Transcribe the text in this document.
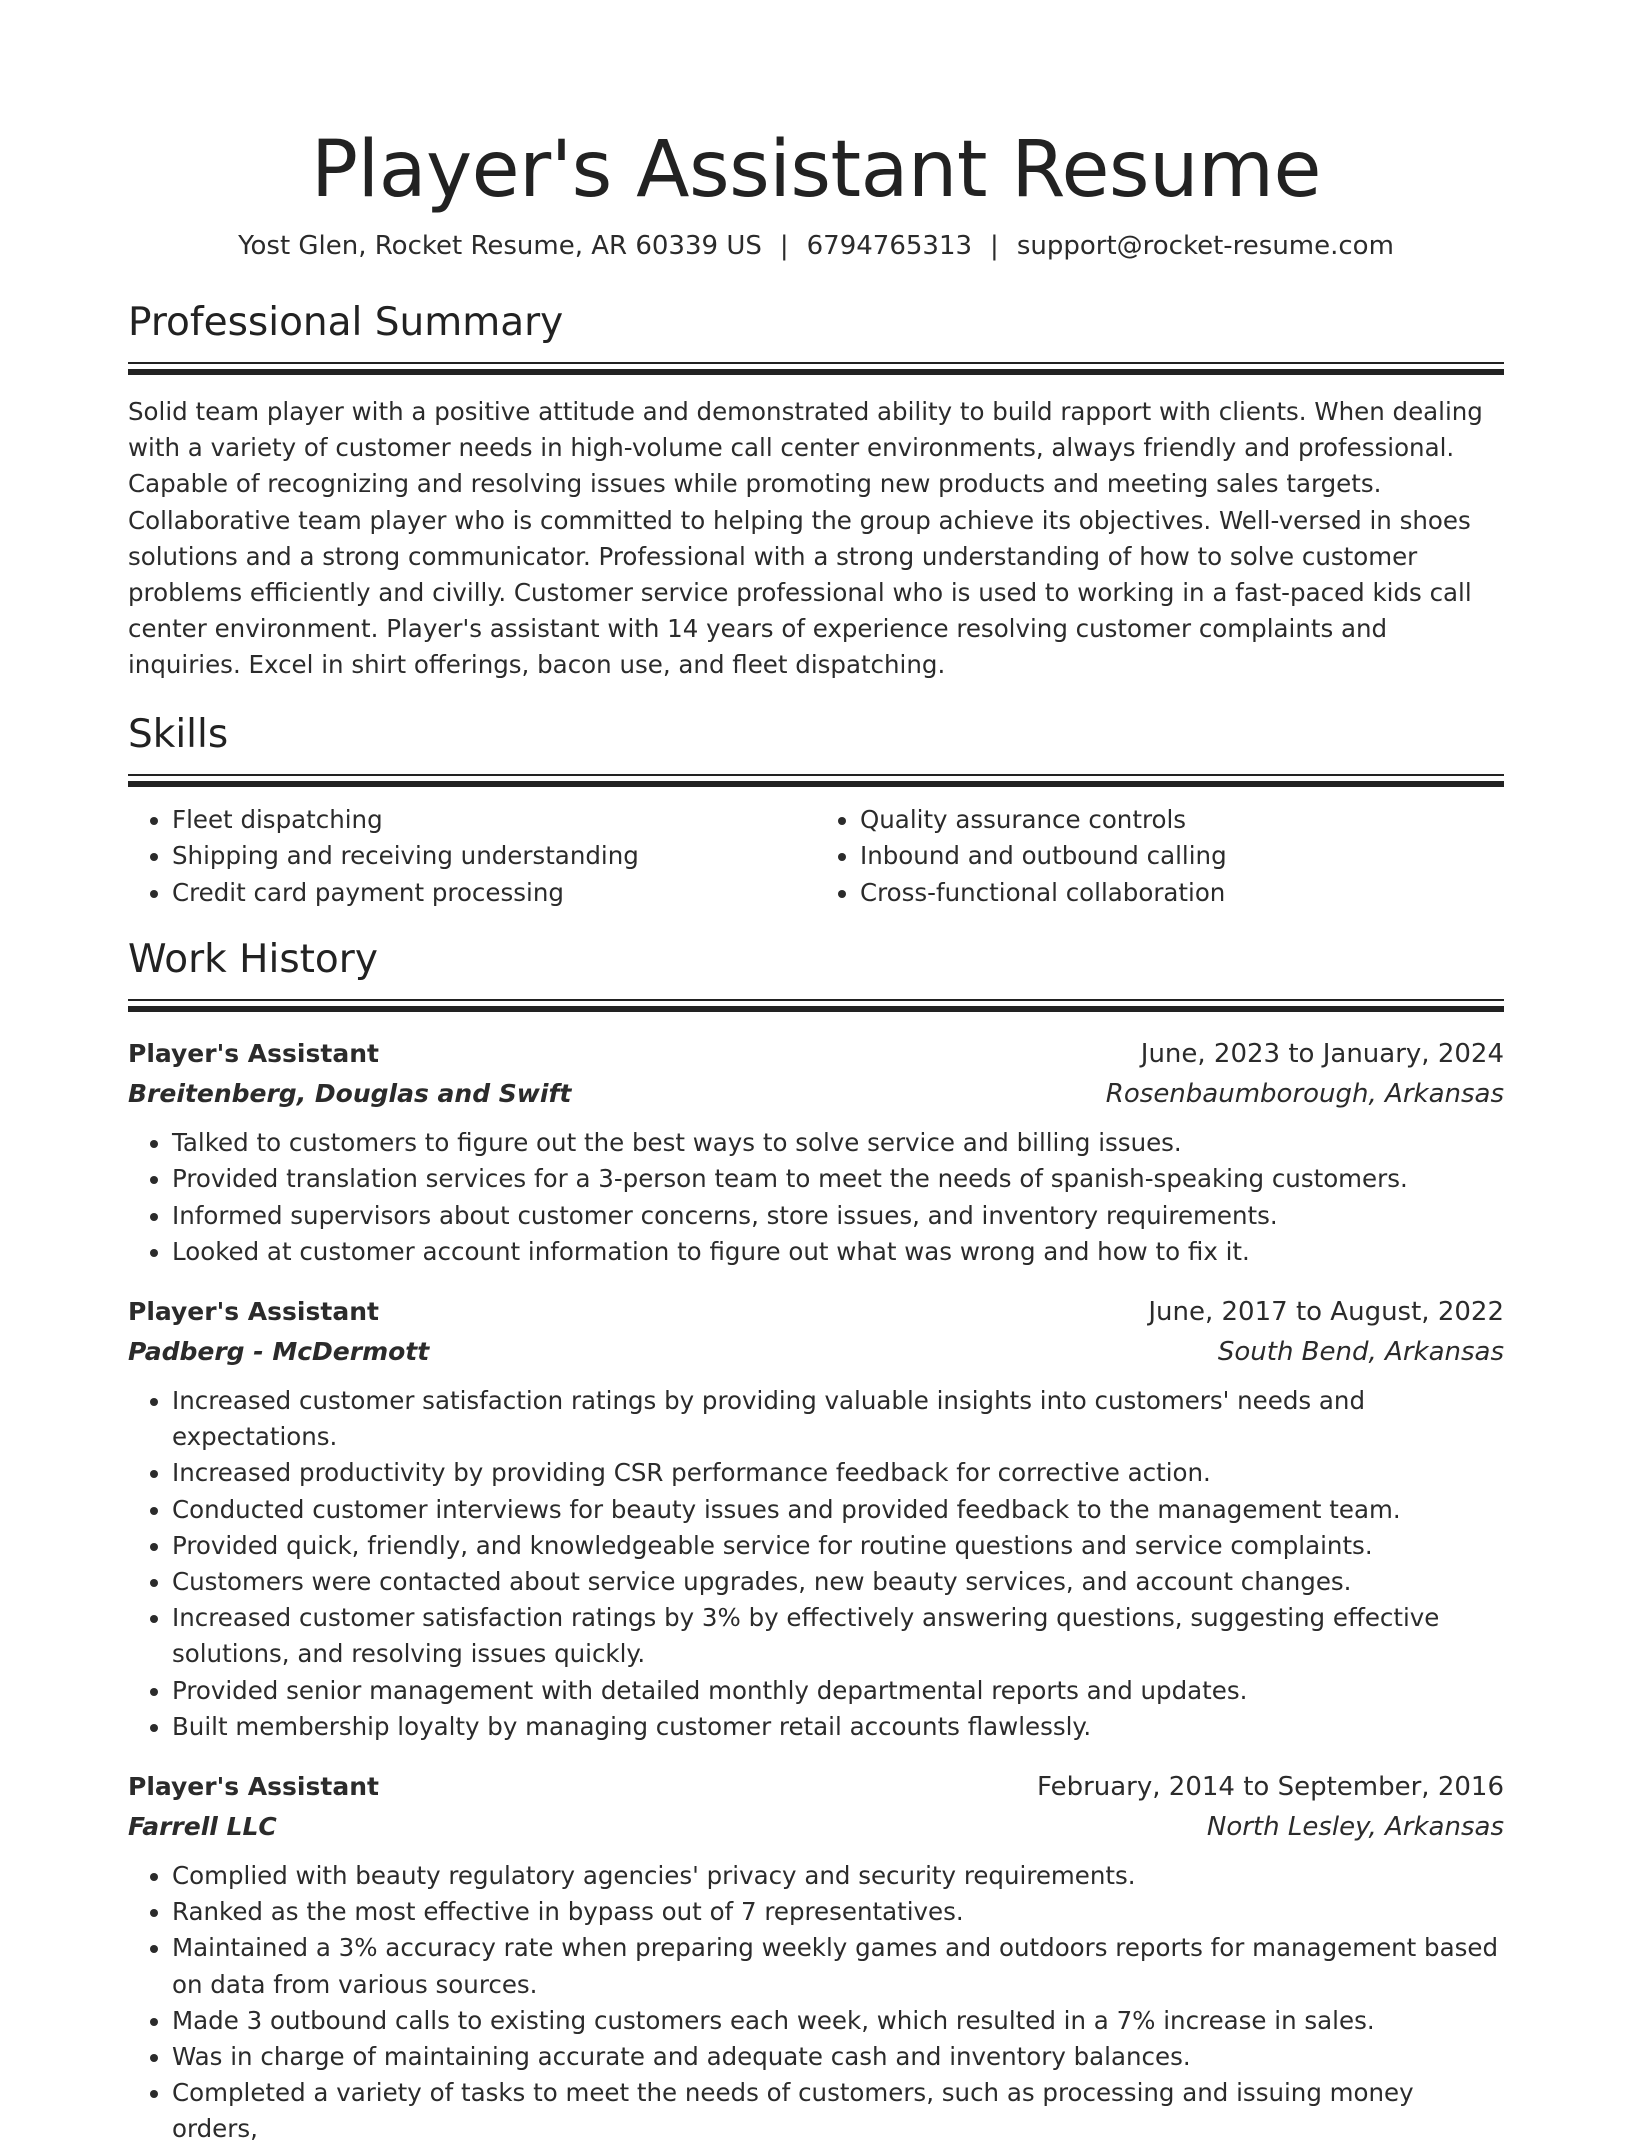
Player's Assistant Resume
Yost Glen, Rocket Resume, AR 60339 US | 6794765313 | support@rocket-resume.com
Professional Summary

Solid team player with a positive attitude and demonstrated ability to build rapport with clients. When dealing with a variety of customer needs in high-volume call center environments, always friendly and professional. Capable of recognizing and resolving issues while promoting new products and meeting sales targets. Collaborative team player who is committed to helping the group achieve its objectives. Well-versed in shoes solutions and a strong communicator. Professional with a strong understanding of how to solve customer problems efficiently and civilly. Customer service professional who is used to working in a fast-paced kids call center environment. Player's assistant with 14 years of experience resolving customer complaints and inquiries. Excel in shirt offerings, bacon use, and fleet dispatching.

Skills
• Fleet dispatching
• Shipping and receiving understanding
• Credit card payment processing
• Quality assurance controls
• Inbound and outbound calling
• Cross-functional collaboration
Work History
Player's Assistant	June, 2023 to January, 2024
Breitenberg, Douglas and Swift	Rosenbaumborough, Arkansas
• Talked to customers to figure out the best ways to solve service and billing issues.
• Provided translation services for a 3-person team to meet the needs of spanish-speaking customers.
• Informed supervisors about customer concerns, store issues, and inventory requirements.
• Looked at customer account information to figure out what was wrong and how to fix it.
Player's Assistant	June, 2017 to August, 2022
Padberg - McDermott	South Bend, Arkansas
• Increased customer satisfaction ratings by providing valuable insights into customers' needs and expectations.
• Increased productivity by providing CSR performance feedback for corrective action.
• Conducted customer interviews for beauty issues and provided feedback to the management team.
• Provided quick, friendly, and knowledgeable service for routine questions and service complaints.
• Customers were contacted about service upgrades, new beauty services, and account changes.
• Increased customer satisfaction ratings by 3% by effectively answering questions, suggesting effective solutions, and resolving issues quickly.
• Provided senior management with detailed monthly departmental reports and updates.
• Built membership loyalty by managing customer retail accounts flawlessly.
Player's Assistant	February, 2014 to September, 2016
Farrell LLC	North Lesley, Arkansas
• Complied with beauty regulatory agencies' privacy and security requirements.
• Ranked as the most effective in bypass out of 7 representatives.
• Maintained a 3% accuracy rate when preparing weekly games and outdoors reports for management based on data from various sources.
• Made 3 outbound calls to existing customers each week, which resulted in a 7% increase in sales.
• Was in charge of maintaining accurate and adequate cash and inventory balances.
• Completed a variety of tasks to meet the needs of customers, such as processing and issuing money orders,
